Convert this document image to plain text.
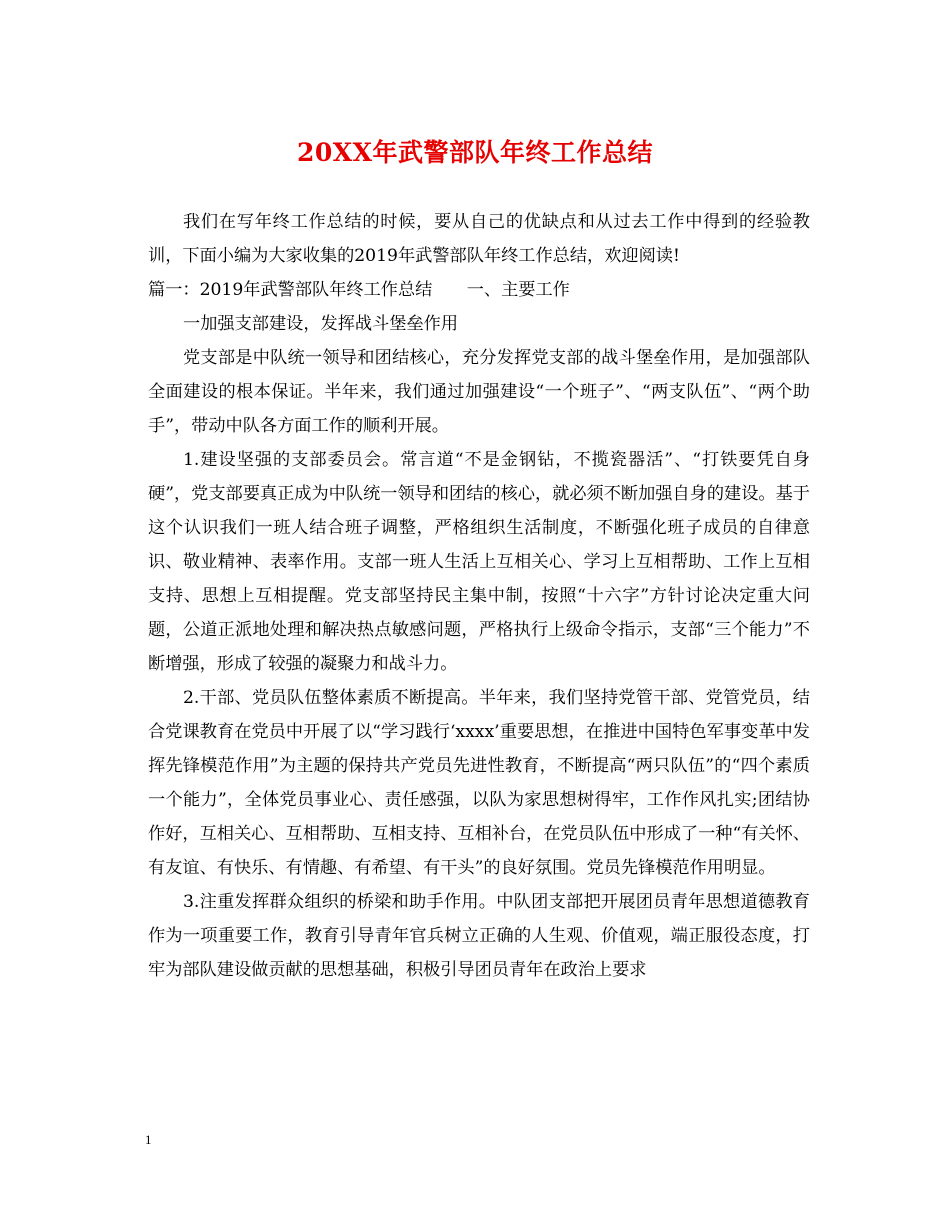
20XX年武警部队年终工作总结

我们在写年终工作总结的时候，要从自己的优缺点和从过去工作中得到的经验教训，下面小编为大家收集的2019年武警部队年终工作总结，欢迎阅读!

篇一：2019年武警部队年终工作总结　　一、主要工作

一加强支部建设，发挥战斗堡垒作用

党支部是中队统一领导和团结核心，充分发挥党支部的战斗堡垒作用，是加强部队全面建设的根本保证。半年来，我们通过加强建设“一个班子”、“两支队伍”、“两个助手”，带动中队各方面工作的顺利开展。

1.建设坚强的支部委员会。常言道“不是金钢钻，不揽瓷器活”、“打铁要凭自身硬”，党支部要真正成为中队统一领导和团结的核心，就必须不断加强自身的建设。基于这个认识我们一班人结合班子调整，严格组织生活制度，不断强化班子成员的自律意识、敬业精神、表率作用。支部一班人生活上互相关心、学习上互相帮助、工作上互相支持、思想上互相提醒。党支部坚持民主集中制，按照“十六字”方针讨论决定重大问题，公道正派地处理和解决热点敏感问题，严格执行上级命令指示，支部“三个能力”不断增强，形成了较强的凝聚力和战斗力。

2.干部、党员队伍整体素质不断提高。半年来，我们坚持党管干部、党管党员，结合党课教育在党员中开展了以“学习践行‘xxxx’重要思想，在推进中国特色军事变革中发挥先锋模范作用”为主题的保持共产党员先进性教育，不断提高“两只队伍”的“四个素质一个能力”，全体党员事业心、责任感强，以队为家思想树得牢，工作作风扎实;团结协作好，互相关心、互相帮助、互相支持、互相补台，在党员队伍中形成了一种“有关怀、有友谊、有快乐、有情趣、有希望、有干头”的良好氛围。党员先锋模范作用明显。

3.注重发挥群众组织的桥梁和助手作用。中队团支部把开展团员青年思想道德教育作为一项重要工作，教育引导青年官兵树立正确的人生观、价值观，端正服役态度，打牢为部队建设做贡献的思想基础，积极引导团员青年在政治上要求

1
